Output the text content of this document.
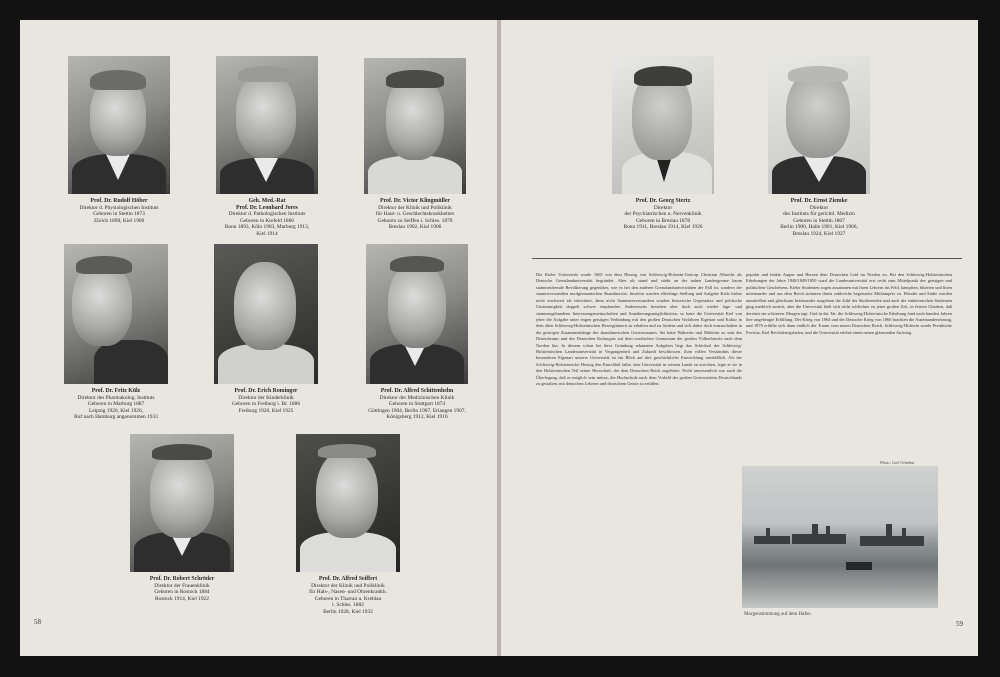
Prof. Dr. Rudolf Höber
Direktor d. Physiologischen Instituts
Geboren in Stettin 1873
Zürich 1898, Kiel 1900
Geh. Med.-Rat
Prof. Dr. Leonhard Jores
Direktor d. Pathologischen Instituts
Geboren in Krefeld 1866
Bonn 1893, Köln 1903, Marburg 1913,
Kiel 1914
Prof. Dr. Victor Klingmüller
Direktor der Klinik und Poliklinik
für Haut- u. Geschlechtskrankheiten
Geboren zu Seiffen i. Schles. 1870
Breslau 1902, Kiel 1906
Prof. Dr. Fritz Külz
Direktor des Pharmakolog. Instituts
Geboren in Marburg 1887
Leipzig 1920, Kiel 1926,
Ruf nach Hamburg angenommen 1933
Prof. Dr. Erich Rominger
Direktor der Kinderklinik
Geboren in Freiburg i. Br. 1886
Freiburg 1920, Kiel 1925
Prof. Dr. Alfred Schittenhelm
Direktor der Medizinischen Klinik
Geboren in Stuttgart 1874
Göttingen 1904, Berlin 1907, Erlangen 1907,
Königsberg 1912, Kiel 1916
Prof. Dr. Robert Schröder
Direktor der Frauenklinik
Geboren in Rostock 1884
Rostock 1914, Kiel 1922
Prof. Dr. Alfred Seiffert
Direktor der Klinik und Poliklinik
für Hals-, Nasen- und Ohrenkrankh.
Geboren in Tharrau u. Kreblau
i. Schles. 1882
Berlin 1928, Kiel 1932
58
Prof. Dr. Georg Stertz
Direktor
der Psychiatrischen u. Nervenklinik
Geboren in Breslau 1878
Bonn 1911, Breslau 1914, Kiel 1926
Prof. Dr. Ernst Ziemke
Direktor
des Instituts für gerichtl. Medizin
Geboren in Stettin 1867
Berlin 1900, Halle 1901, Kiel 1906,
Breslau 1924, Kiel 1927
Die Kieler Universität wurde 1665 von dem Herzog von Schleswig-Holstein-Gottorp Christian Albrecht als Deutsche Grenzlanduniversität begründet. Aber als stand und stärkt an der nahen Landesgrenze kaum stammesfremde Bevölkerung gegenüber, wie es bei den anderen Grenzlanduniversitäten der Fall ist, sondern der stammverwandten nordgermanischen Skandinavier. Insofern wurden allerdings Stellung und Aufgabe Kiels bisher nicht erschwert als erleichtert, denn nicht Stammesverwandten wurden historische Gegensätze und politische Unstimmigkeit doppelt schwer empfunden. Andererseits bestehen aber doch auch wieder lage- und stammesgebundene Interessengemeinschaften und Annäherungsmöglichkeiten, so hatte die Universität Kiel von jeher die Aufgabe unter engen geistigen Verbindung mit den großen Deutschen Vorfahren Eigenart und Kultur in dem alten Schleswig-Holsteinischen Herzogtümern zu erhalten und zu fördern und sich dabei doch einzuschalten in die geistigen Zusammenhänge des skandinavischen Geistesraumes. Sie hatte Wahrerin und Mittlerin zu sein des Deutschtums und des Deutschen Kulturguts auf dem nordischen Grenzraum der großen Völkerbrücke nach dem Norden hin. In diesem schon bei ihrer Gründung erkannten Aufgaben liegt das Schicksal der Schleswig-Holsteinischen Landesuniversität in Vergangenheit und Zukunft beschlossen. Zum vollen Verständnis dieser besonderen Eigenart unserer Universität ist ein Blick auf ihre geschichtliche Entwicklung unerläßlich. Als der Schleswig-Holsteinische Herzog den Entschluß faßte, eine Universität in seinem Lande zu errichten, legte er sie in den Holsteinischen Teil seiner Herrschaft, der dem Deutschen Reich zugehörte. Nicht unwesentlich war auch die Überlegung, daß es möglich sein müsse, die Hochschule nach dem Vorbild der großen Universitäten Deutschlands zu gestalten, mit deutschen Lehrern und deutschem Geiste zu erfüllen.
populär und lenkte Augen und Herzen dem Deutschen Leid im Norden zu. Bei den Schleswig-Holsteinischen Erhebungen der Jahre 1848/1849/1850 ward die Landesuniversität erst recht zum Mittelpunkt des geistigen und politischen Geschehens. Kieler Studenten zogen zusammen mit ihren Lehrern ins Feld, kämpften, bluteten und litten miteinander und aus dem Reich strömten ihnen zahlreiche begeisterte Mitkämpfer zu. Hörsäle und Stube wurden unmittelbar und gleichsam beieinander ausgebaut die Zahl der Studierenden und auch der einheimischen Studenten ging merklich zurück, aber die Universität hielt sich nicht schlechter zu jener großen Zeit, in festem Glauben, daß dereinst ein schönerer Morgen tagt. Und in der Tat: die Schleswig-Holsteinische Erhebung fand nach hundert Jahren ihre ungebeugte Erfüllung. Der Krieg von 1864 und der Deutsche Krieg von 1866 brachten die Auseinandersetzung, und 1870 erfüllte sich dann endlich der Traum vom neuen Deutschen Reich. Schleswig-Holstein wurde Preußische Provinz, Kiel Reichskriegshafen, und die Universität erlebte einen neuen glänzenden Aufstieg.
Photo: Carl Urbahns
Morgenstimmung auf dem Hafen
59
